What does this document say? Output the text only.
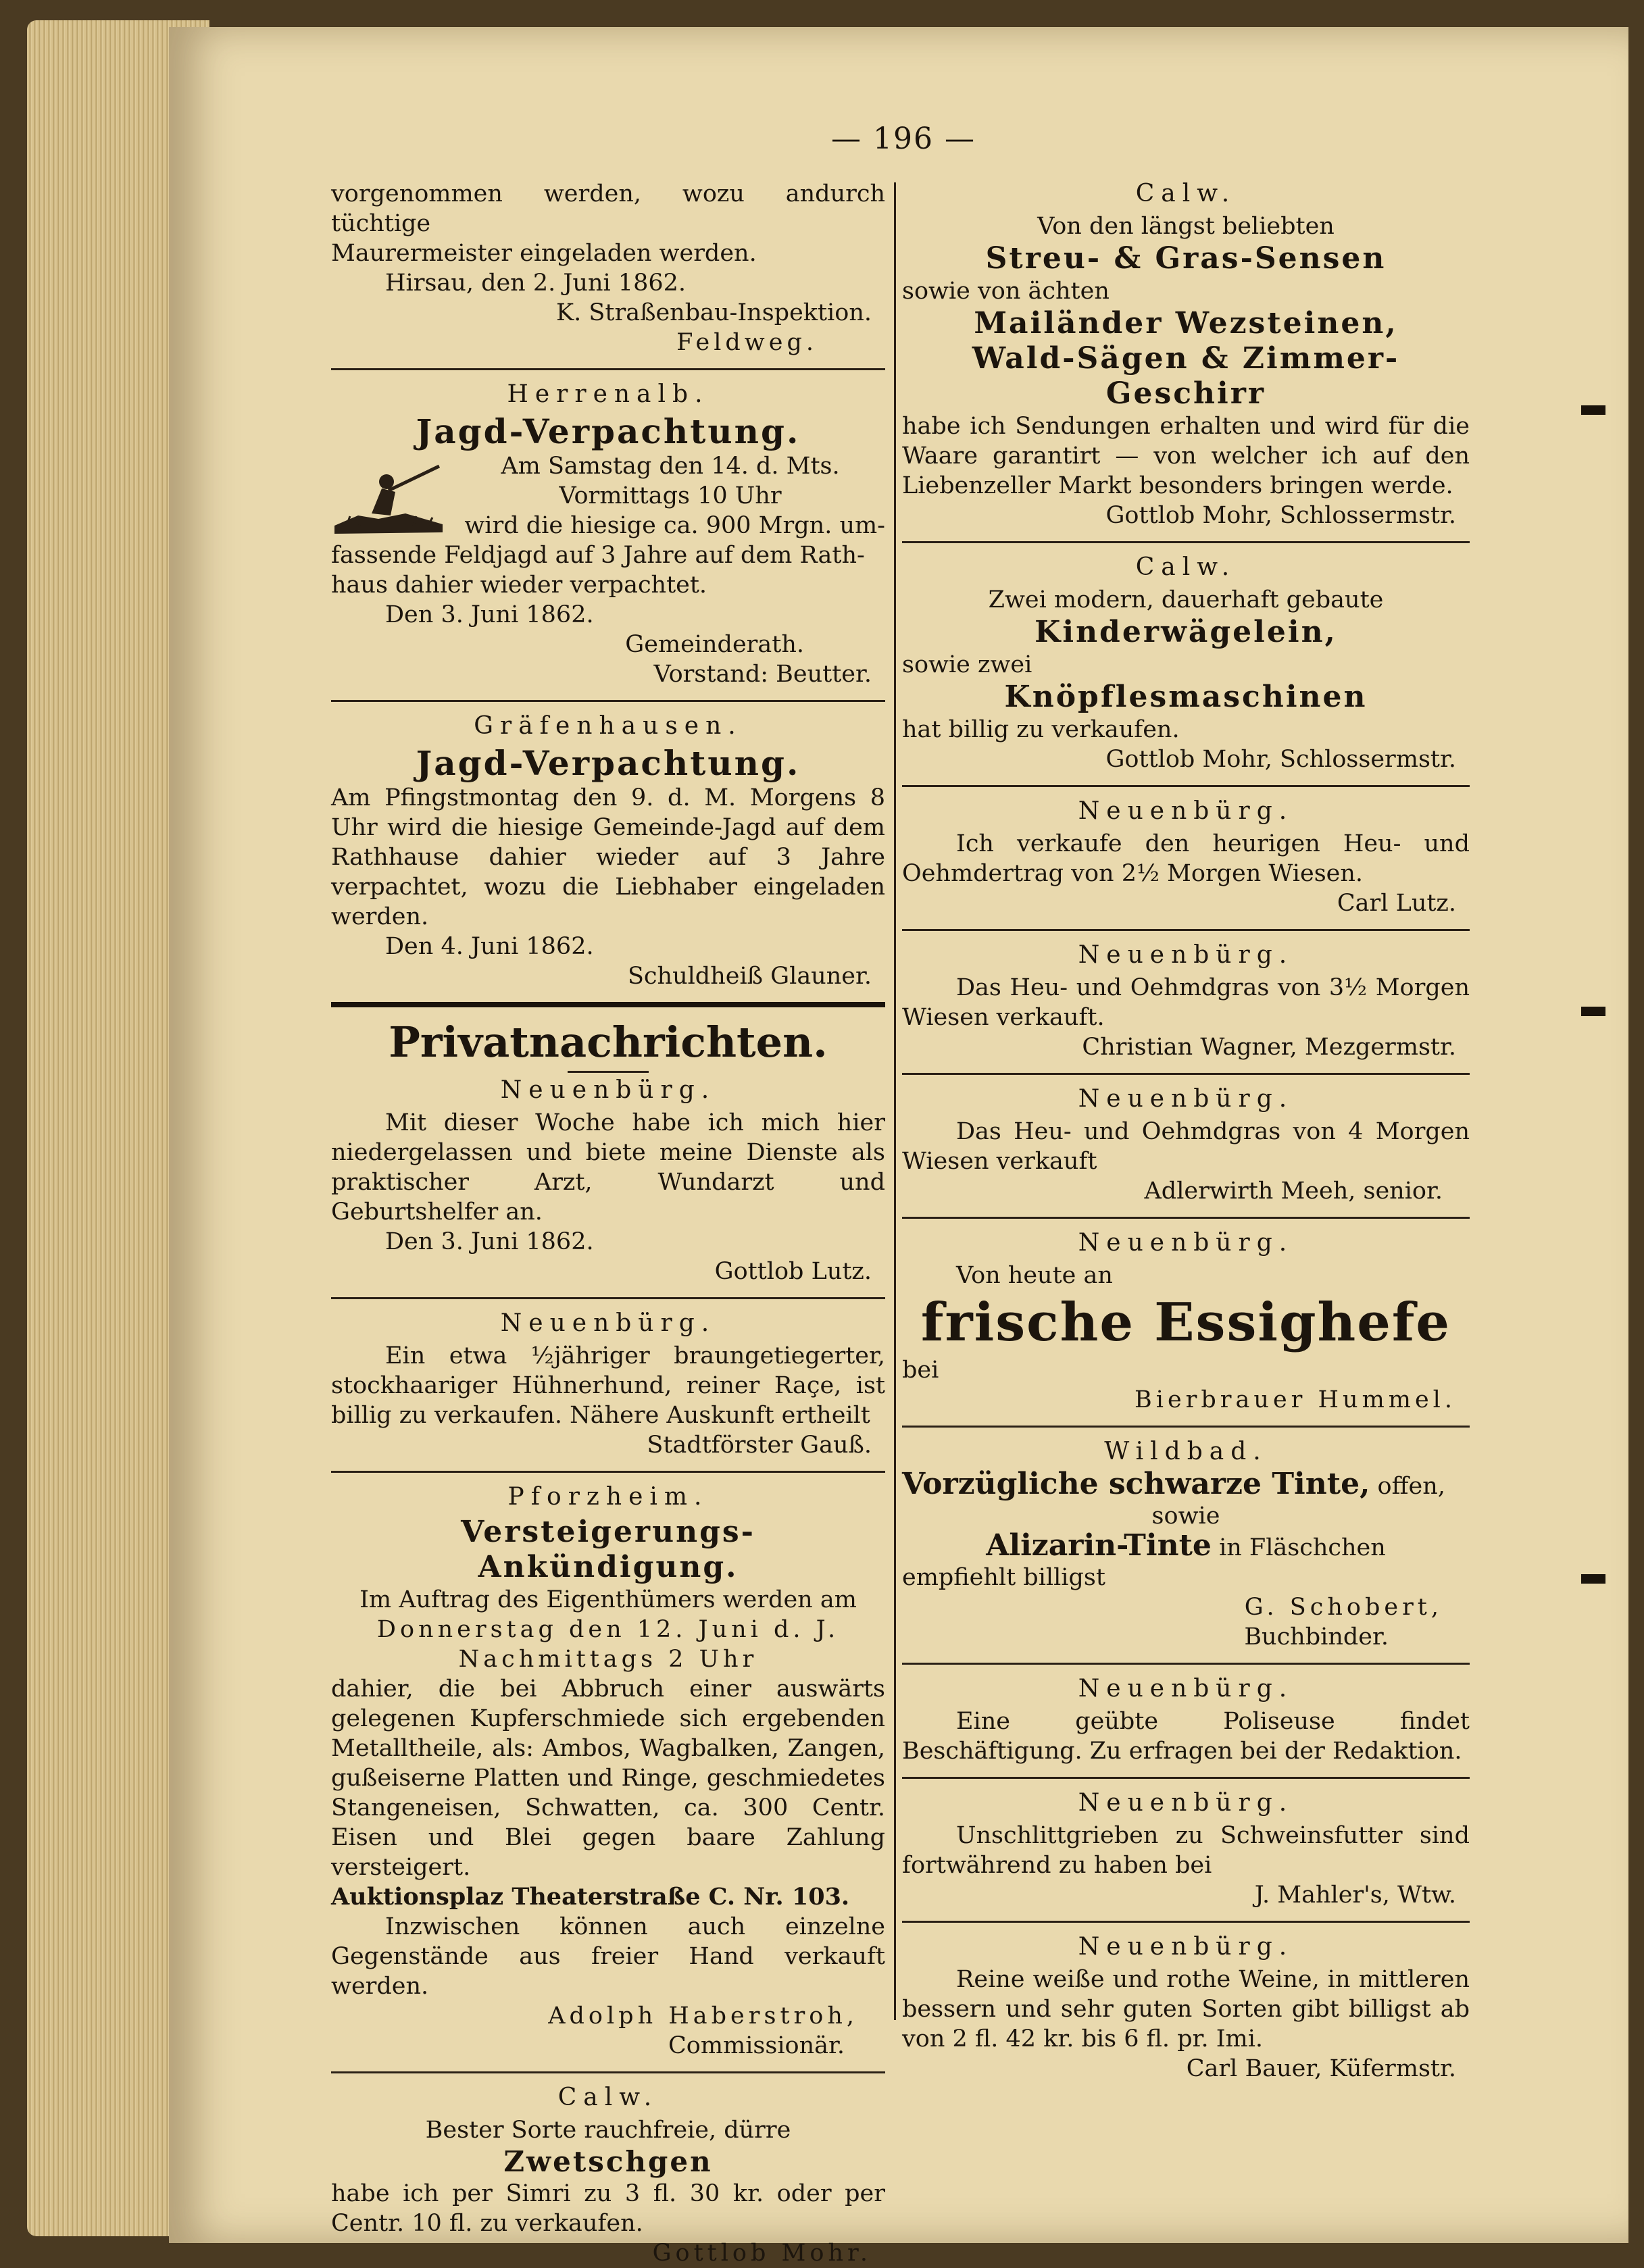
— 196 —

vorgenommen werden, wozu andurch tüchtige

Maurermeister eingeladen werden.

Hirsau, den 2. Juni 1862.

K. Straßenbau-Inspektion.

Feldweg.

Herrenalb.
Jagd-Verpachtung.

Am Samstag den 14. d. Mts.

Vormittags 10 Uhr

wird die hiesige ca. 900 Mrgn. um-

fassende Feldjagd auf 3 Jahre auf dem Rath-

haus dahier wieder verpachtet.

Den 3. Juni 1862.

Gemeinderath.

Vorstand: Beutter.

Gräfenhausen.
Jagd-Verpachtung.

Am Pfingstmontag den 9. d. M. Morgens 8 Uhr wird die hiesige Gemeinde-Jagd auf dem Rathhause dahier wieder auf 3 Jahre verpachtet, wozu die Liebhaber eingeladen werden.

Den 4. Juni 1862.

Schuldheiß Glauner.

Privatnachrichten.
Neuenbürg.

Mit dieser Woche habe ich mich hier niedergelassen und biete meine Dienste als praktischer Arzt, Wundarzt und Geburtshelfer an.

Den 3. Juni 1862.

Gottlob Lutz.

Neuenbürg.

Ein etwa ½jähriger braungetiegerter, stockhaariger Hühnerhund, reiner Raçe, ist billig zu verkaufen. Nähere Auskunft ertheilt

Stadtförster Gauß.

Pforzheim.
Versteigerungs-Ankündigung.

Im Auftrag des Eigenthümers werden am

Donnerstag den 12. Juni d. J.

Nachmittags 2 Uhr

dahier, die bei Abbruch einer auswärts gelegenen Kupferschmiede sich ergebenden Metalltheile, als: Ambos, Wagbalken, Zangen, gußeiserne Platten und Ringe, geschmiedetes Stangeneisen, Schwatten, ca. 300 Centr. Eisen und Blei gegen baare Zahlung versteigert.

Auktionsplaz Theaterstraße C. Nr. 103.

Inzwischen können auch einzelne Gegenstände aus freier Hand verkauft werden.

Adolph Haberstroh,

Commissionär.

Calw.

Bester Sorte rauchfreie, dürre

Zwetschgen

habe ich per Simri zu 3 fl. 30 kr. oder per Centr. 10 fl. zu verkaufen.

Gottlob Mohr.

Calw.

Von den längst beliebten

Streu- & Gras-Sensen

sowie von ächten

Mailänder Wezsteinen,
Wald-Sägen & Zimmer-Geschirr

habe ich Sendungen erhalten und wird für die Waare garantirt — von welcher ich auf den Liebenzeller Markt besonders bringen werde.

Gottlob Mohr, Schlossermstr.

Calw.

Zwei modern, dauerhaft gebaute

Kinderwägelein,

sowie zwei

Knöpflesmaschinen

hat billig zu verkaufen.

Gottlob Mohr, Schlossermstr.

Neuenbürg.

Ich verkaufe den heurigen Heu- und Oehmdertrag von 2½ Morgen Wiesen.

Carl Lutz.

Neuenbürg.

Das Heu- und Oehmdgras von 3½ Morgen Wiesen verkauft.

Christian Wagner, Mezgermstr.

Neuenbürg.

Das Heu- und Oehmdgras von 4 Morgen Wiesen verkauft

Adlerwirth Meeh, senior.

Neuenbürg.

Von heute an

frische Essighefe

bei

Bierbrauer Hummel.

Wildbad.

Vorzügliche schwarze Tinte, offen,

sowie

Alizarin-Tinte in Fläschchen

empfiehlt billigst

G. Schobert,

Buchbinder.

Neuenbürg.

Eine geübte Poliseuse findet Beschäftigung. Zu erfragen bei der Redaktion.

Neuenbürg.

Unschlittgrieben zu Schweinsfutter sind fortwährend zu haben bei

J. Mahler's, Wtw.

Neuenbürg.

Reine weiße und rothe Weine, in mittleren bessern und sehr guten Sorten gibt billigst ab von 2 fl. 42 kr. bis 6 fl. pr. Imi.

Carl Bauer, Küfermstr.
